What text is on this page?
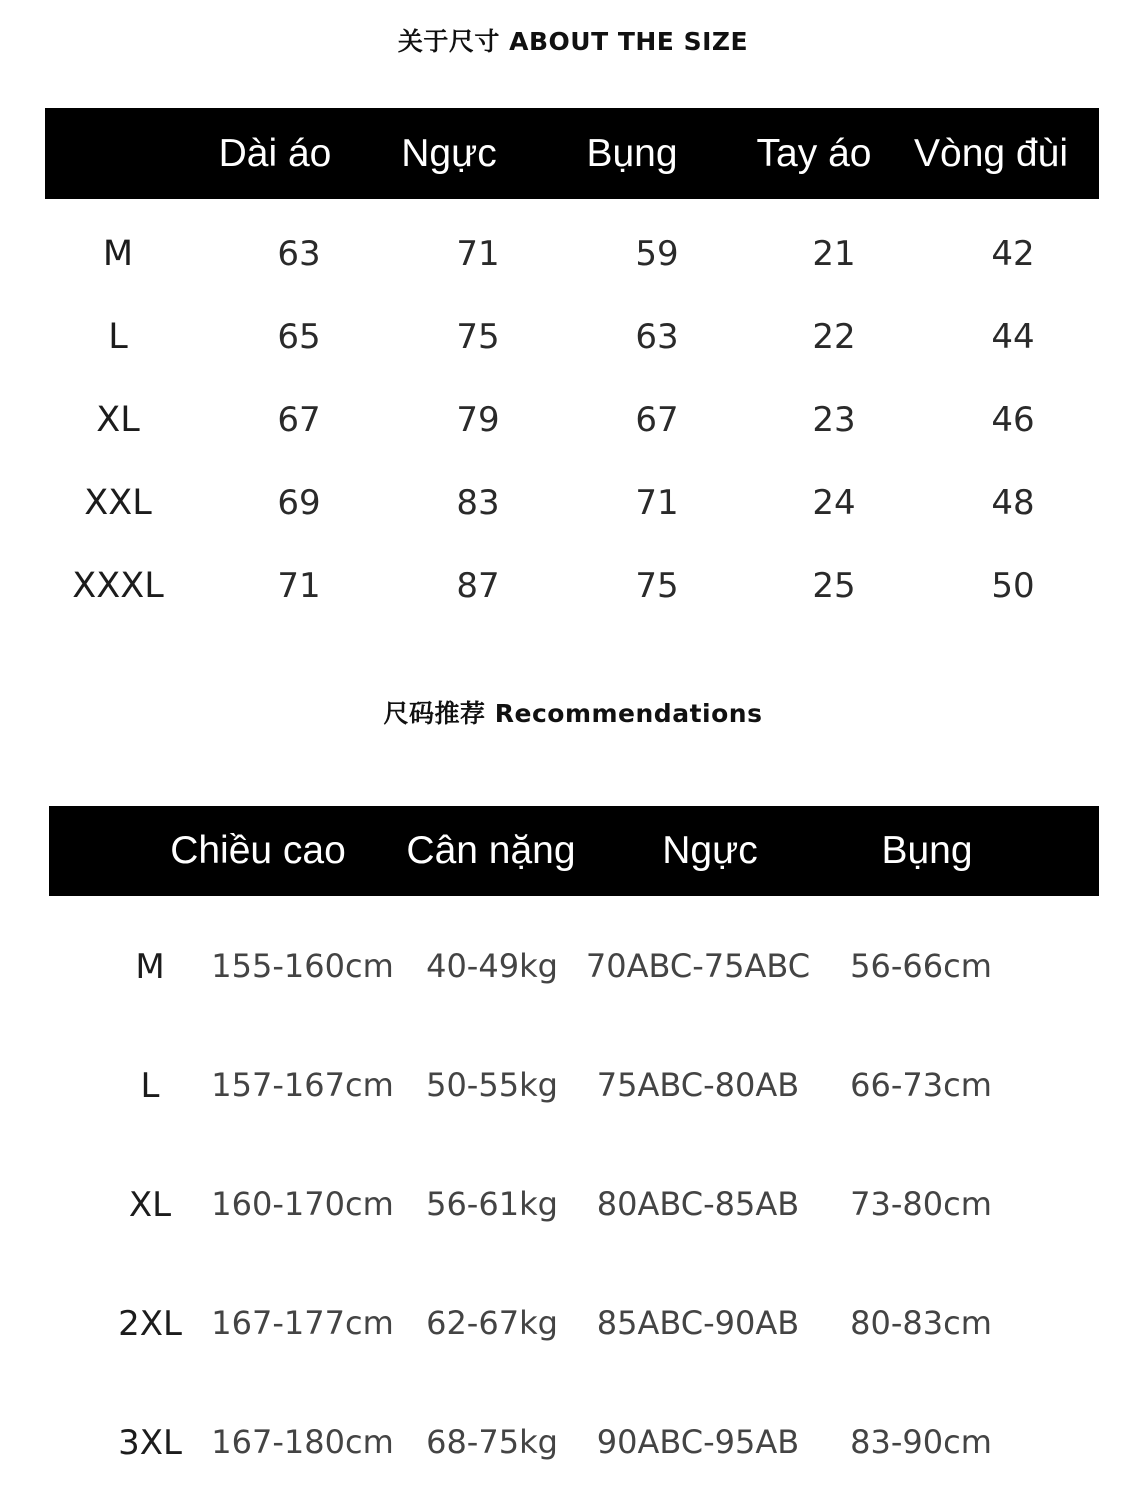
关于尺寸 ABOUT THE SIZE
Dài áo	Ngực	Bụng	Tay áo	Vòng đùi
M	63	71	59	21	42
L	65	75	63	22	44
XL	67	79	67	23	46
XXL	69	83	71	24	48
XXXL	71	87	75	25	50
尺码推荐 Recommendations
Chiều cao	Cân nặng	Ngực	Bụng
M	155-160cm	40-49kg 70ABC-75ABC	56-66cm
L	157-167cm	50-55kg	75ABC-80AB	66-73cm
XL	160-170cm	56-61kg	80ABC-85AB	73-80cm
2XL 167-177cm	62-67kg	85ABC-90AB	80-83cm
3XL 167-180cm	68-75kg	90ABC-95AB	83-90cm
